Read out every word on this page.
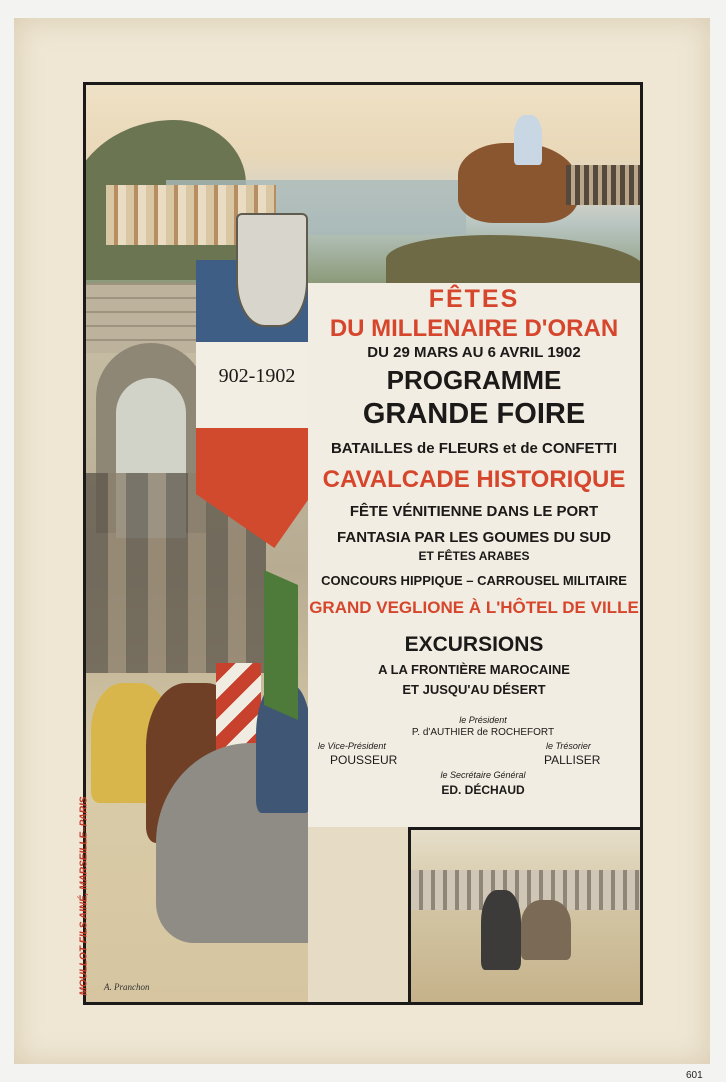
FÊTES
DU MILLENAIRE D'ORAN
DU 29 MARS AU 6 AVRIL 1902
PROGRAMME
GRANDE FOIRE
BATAILLES de FLEURS et de CONFETTI
CAVALCADE HISTORIQUE
FÊTE VÉNITIENNE DANS LE PORT
FANTASIA PAR LES GOUMES DU SUD
ET FÊTES ARABES
CONCOURS HIPPIQUE – CARROUSEL MILITAIRE
GRAND VEGLIONE À L'HÔTEL DE VILLE
EXCURSIONS
A LA FRONTIÈRE MAROCAINE
ET JUSQU'AU DÉSERT
le Président
P. d'AUTHIER de ROCHEFORT
le Vice-Président
POUSSEUR
le Trésorier
PALLISER
le Secrétaire Général
ED. DÉCHAUD
902-1902
MOULLOT FILS AINÉ, MARSEILLE–PARIS A. Pranchon
601
